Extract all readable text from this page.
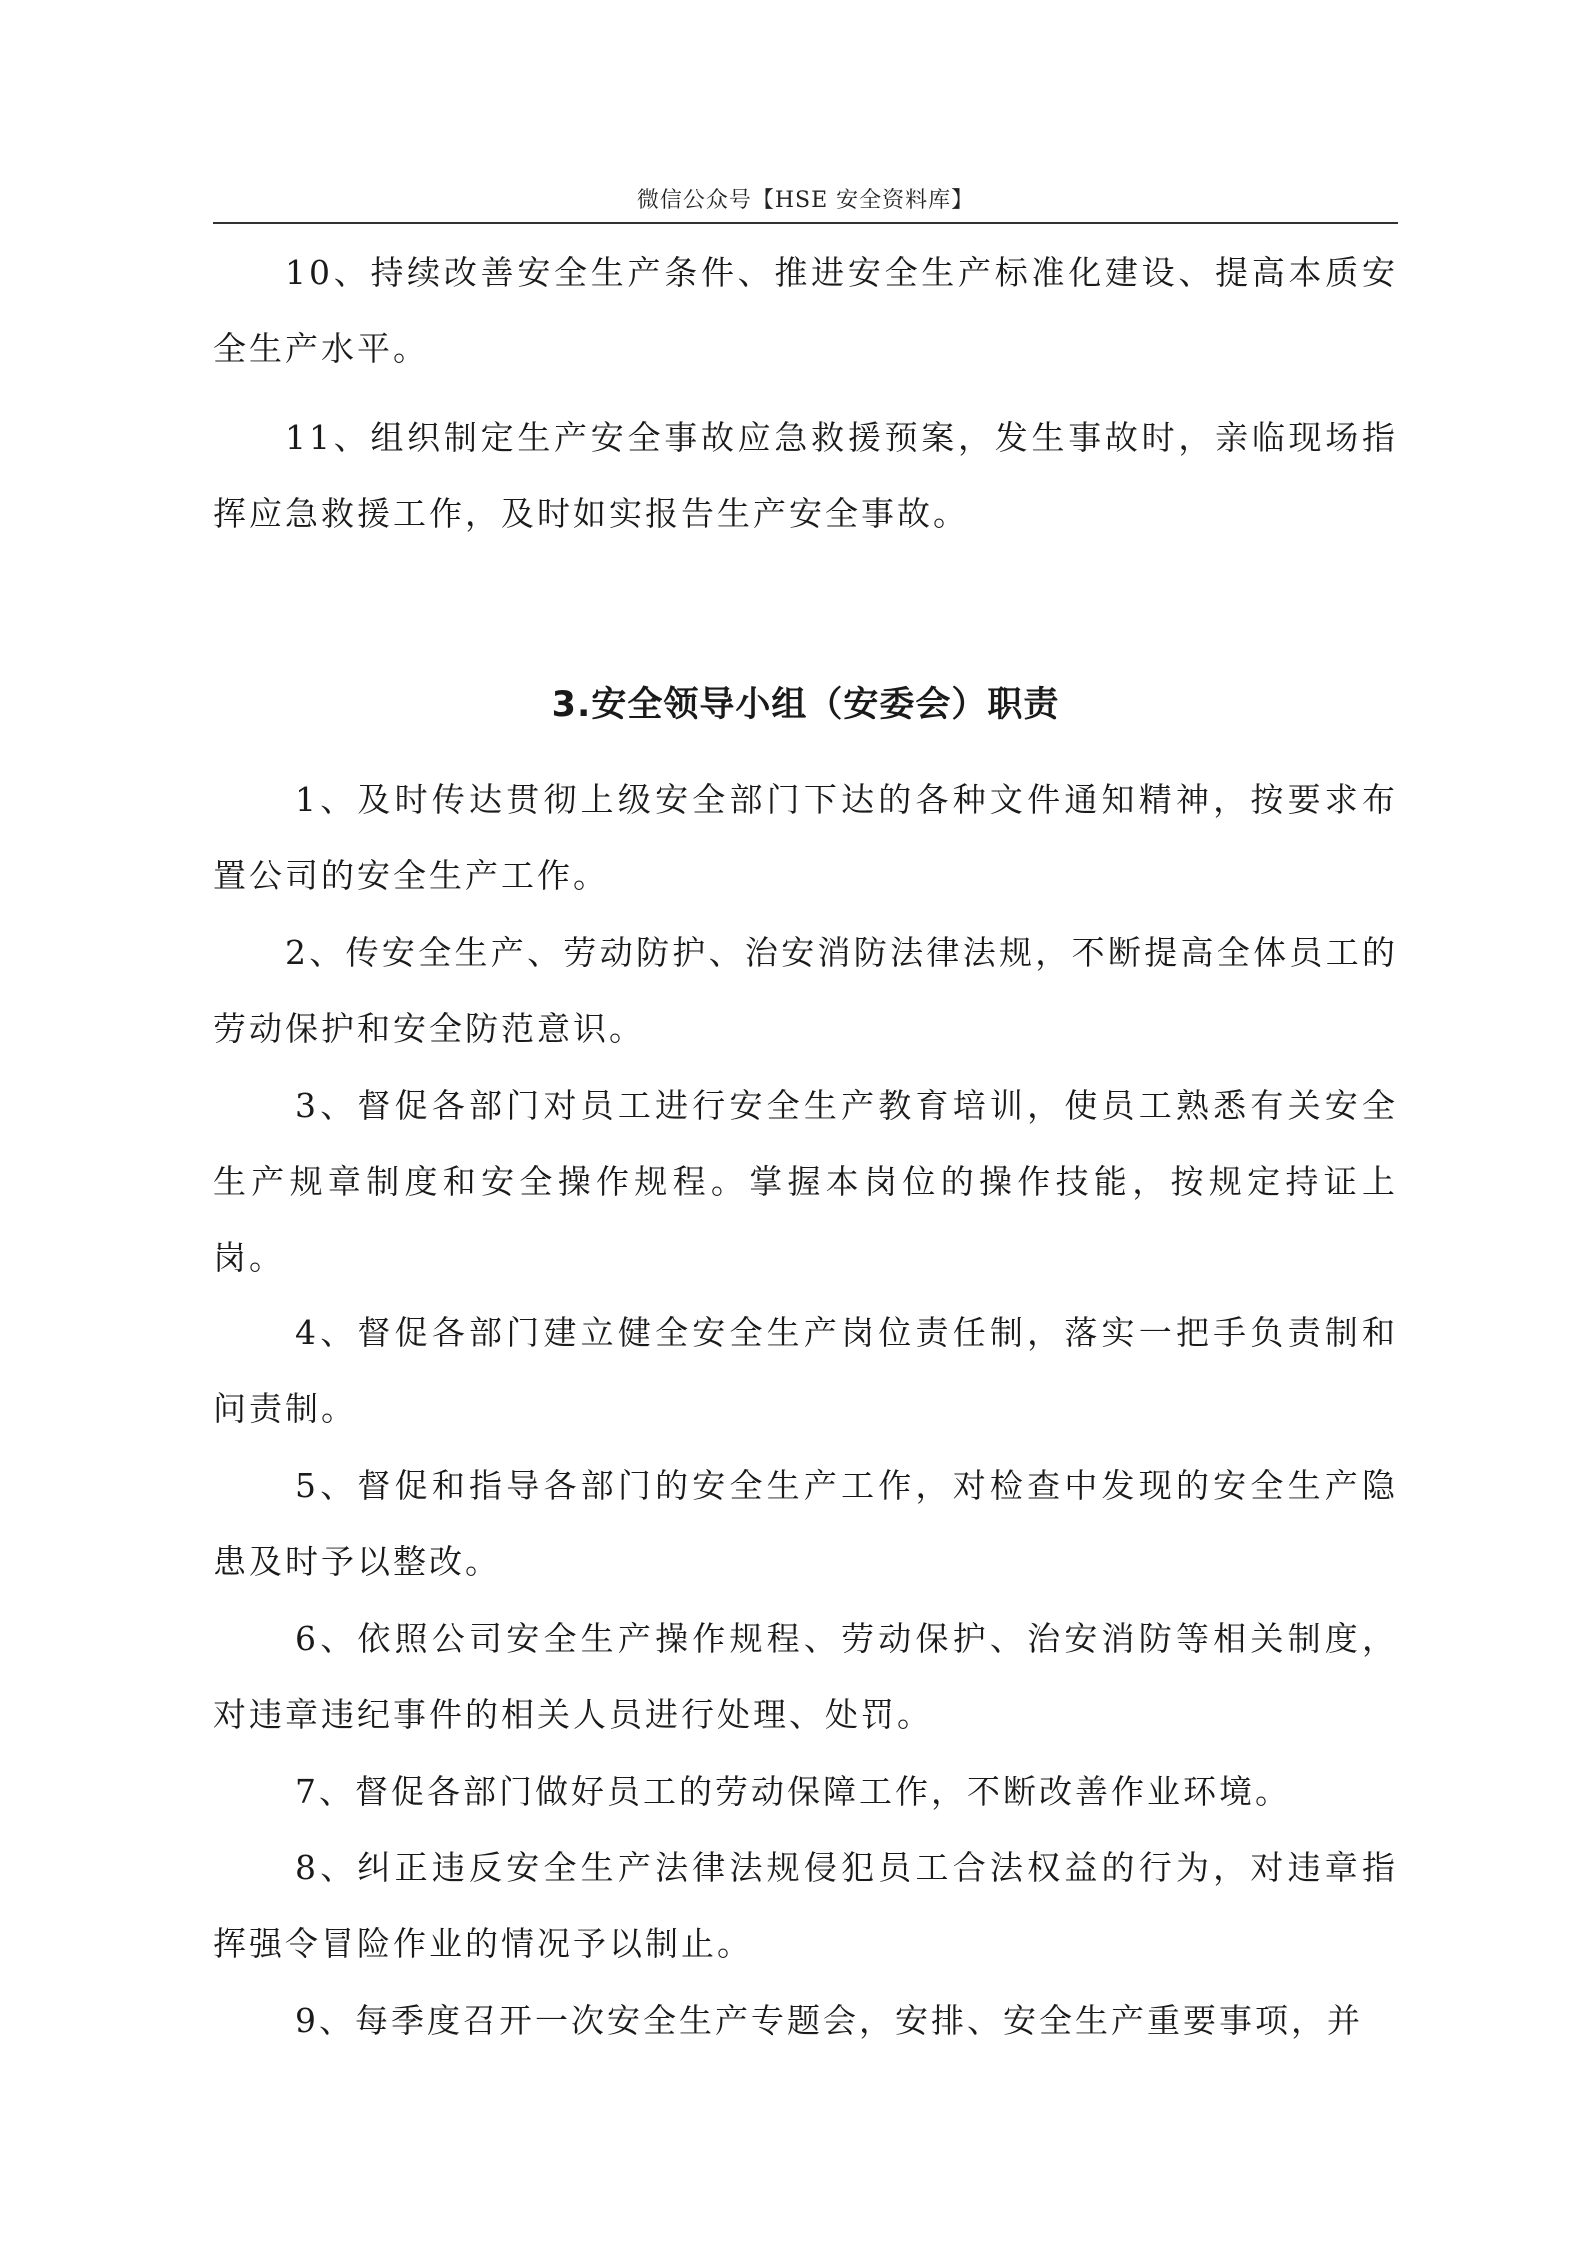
微信公众号【HSE 安全资料库】

10、持续改善安全生产条件、推进安全生产标准化建设、提高本质安全生产水平。

11、组织制定生产安全事故应急救援预案，发生事故时，亲临现场指挥应急救援工作，及时如实报告生产安全事故。

3.安全领导小组（安委会）职责

1、及时传达贯彻上级安全部门下达的各种文件通知精神，按要求布置公司的安全生产工作。

2、传安全生产、劳动防护、治安消防法律法规，不断提高全体员工的劳动保护和安全防范意识。

3、督促各部门对员工进行安全生产教育培训，使员工熟悉有关安全生产规章制度和安全操作规程。掌握本岗位的操作技能，按规定持证上岗。

4、督促各部门建立健全安全生产岗位责任制，落实一把手负责制和问责制。

5、督促和指导各部门的安全生产工作，对检查中发现的安全生产隐患及时予以整改。

6、依照公司安全生产操作规程、劳动保护、治安消防等相关制度，对违章违纪事件的相关人员进行处理、处罚。

7、督促各部门做好员工的劳动保障工作，不断改善作业环境。

8、纠正违反安全生产法律法规侵犯员工合法权益的行为，对违章指挥强令冒险作业的情况予以制止。

9、每季度召开一次安全生产专题会，安排、安全生产重要事项，并
